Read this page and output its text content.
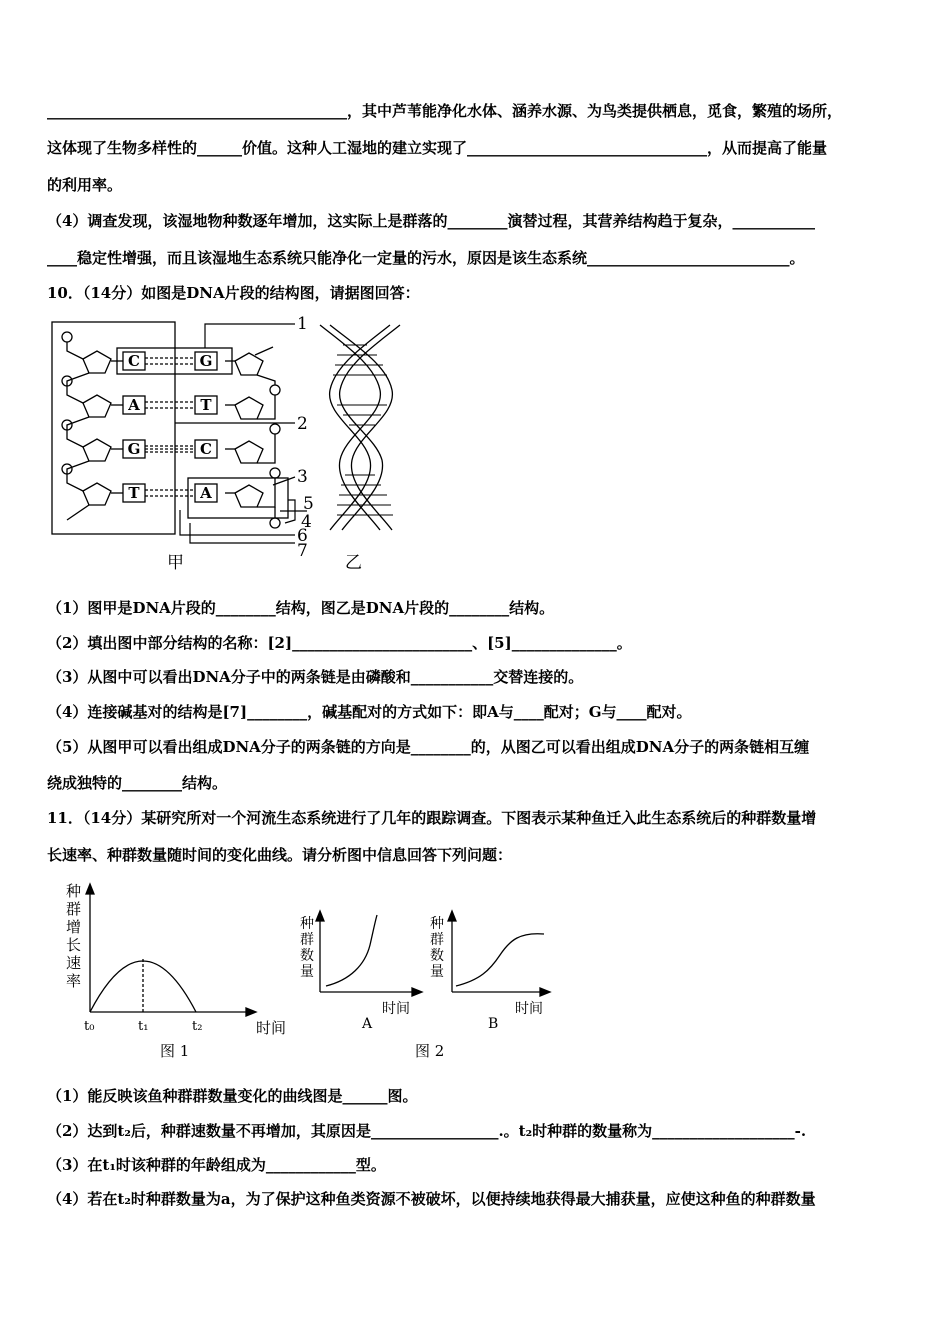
________________________________________，其中芦苇能净化水体、涵养水源、为鸟类提供栖息，觅食，繁殖的场所，
这体现了生物多样性的______价值。这种人工湿地的建立实现了________________________________，从而提高了能量
的利用率。
（4）调查发现，该湿地物种数逐年增加，这实际上是群落的________演替过程，其营养结构趋于复杂，___________
____稳定性增强，而且该湿地生态系统只能净化一定量的污水，原因是该生态系统___________________________。
10．（14分）如图是DNA片段的结构图，请据图回答：
C	G
A	T
G	C
T	A
1
2
3
5
4
6
7
甲	乙
（1）图甲是DNA片段的________结构，图乙是DNA片段的________结构。
（2）填出图中部分结构的名称：[2]________________________、[5]______________。
（3）从图中可以看出DNA分子中的两条链是由磷酸和___________交替连接的。
（4）连接碱基对的结构是[7]________，碱基配对的方式如下：即A与____配对；G与____配对。
（5）从图甲可以看出组成DNA分子的两条链的方向是________的，从图乙可以看出组成DNA分子的两条链相互缠
绕成独特的________结构。
11．（14分）某研究所对一个河流生态系统进行了几年的跟踪调查。下图表示某种鱼迁入此生态系统后的种群数量增
长速率、种群数量随时间的变化曲线。请分析图中信息回答下列问题：
种
群
增
长
速
率
t₀	t₁	t₂	时间
图 1
种
群
数
量
时间
A
种
群
数
量
时间
B
图 2
（1）能反映该鱼种群群数量变化的曲线图是______图。
（2）达到t₂后，种群速数量不再增加，其原因是_________________.。t₂时种群的数量称为___________________-.
（3）在t₁时该种群的年龄组成为____________型。
（4）若在t₂时种群数量为a，为了保护这种鱼类资源不被破坏，以便持续地获得最大捕获量，应使这种鱼的种群数量
